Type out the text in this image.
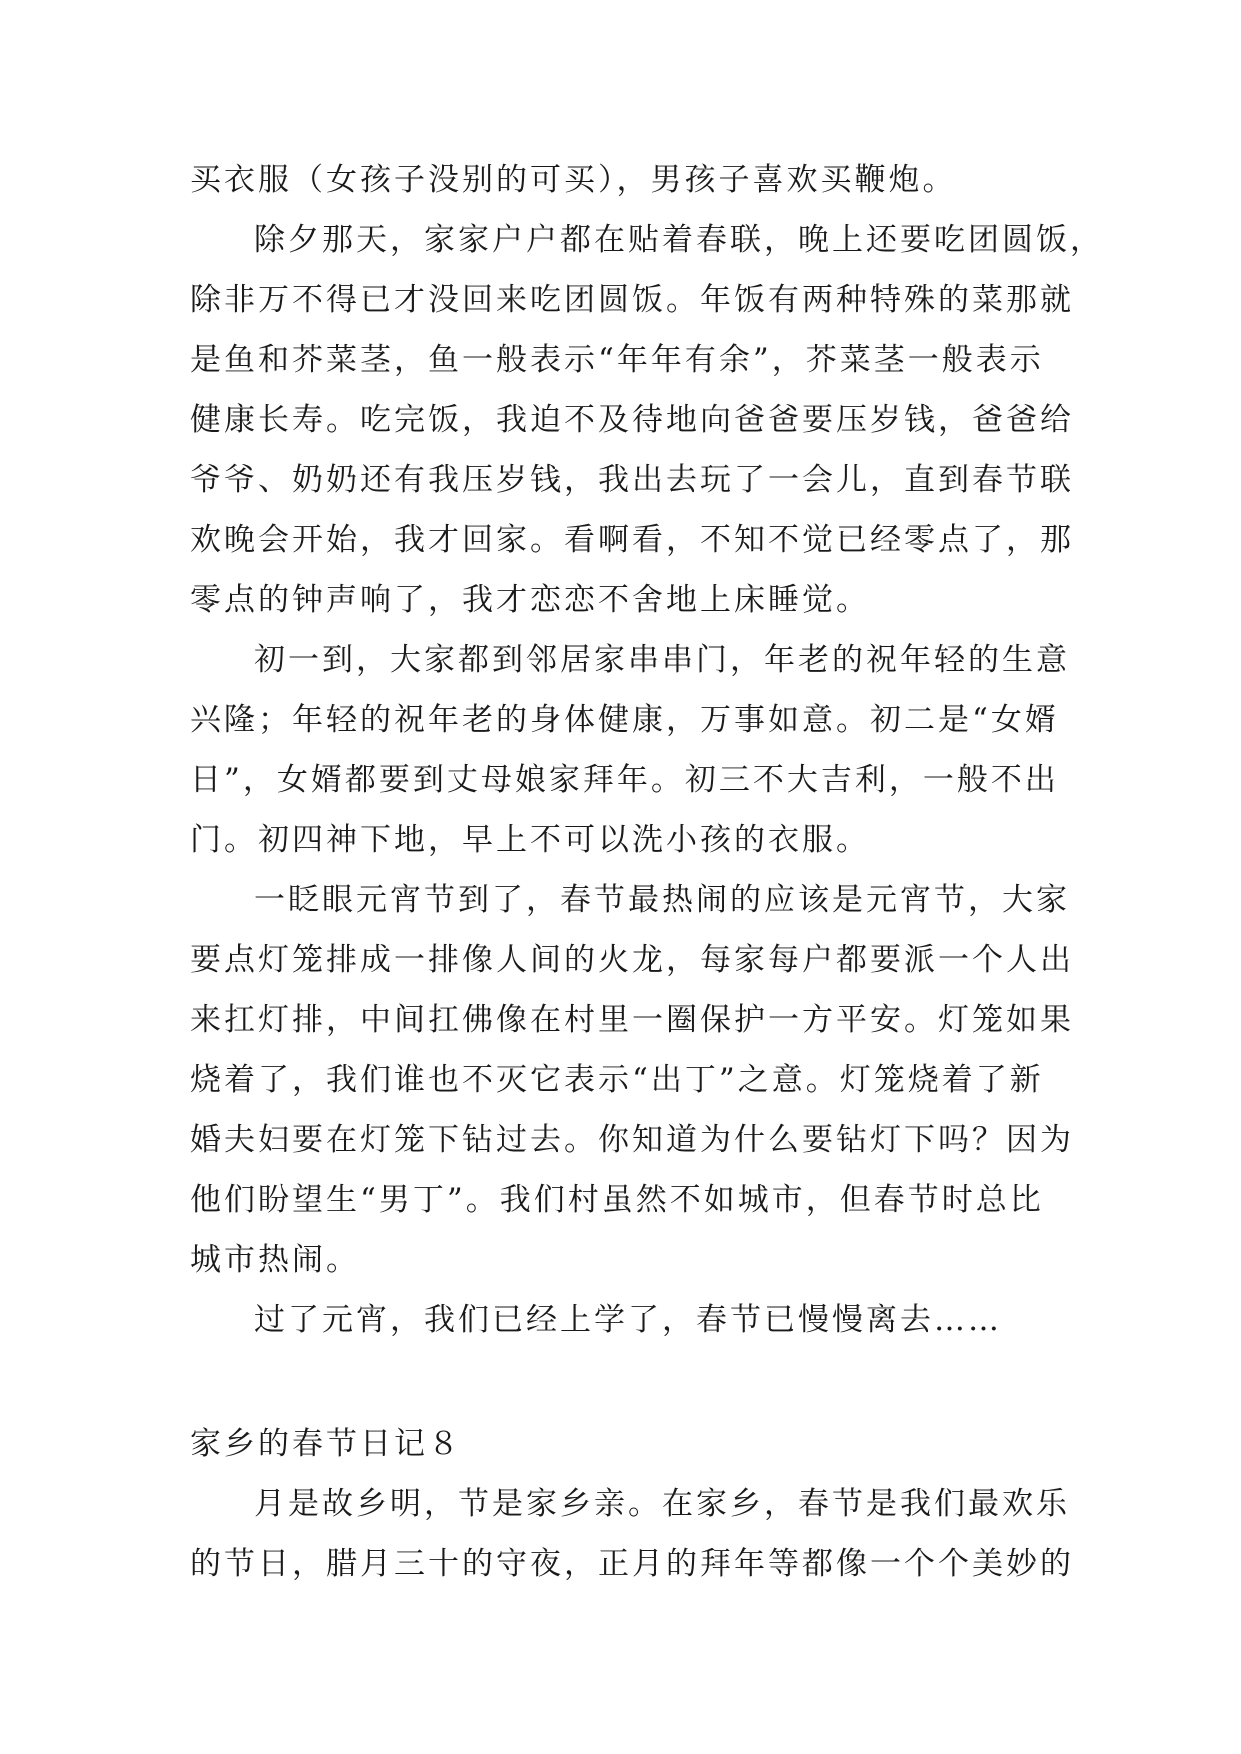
买衣服（女孩子没别的可买），男孩子喜欢买鞭炮。
除夕那天，家家户户都在贴着春联，晚上还要吃团圆饭，
除非万不得已才没回来吃团圆饭。年饭有两种特殊的菜那就
是鱼和芥菜茎，鱼一般表示“年年有余”，芥菜茎一般表示
健康长寿。吃完饭，我迫不及待地向爸爸要压岁钱，爸爸给
爷爷、奶奶还有我压岁钱，我出去玩了一会儿，直到春节联
欢晚会开始，我才回家。看啊看，不知不觉已经零点了，那
零点的钟声响了，我才恋恋不舍地上床睡觉。
初一到，大家都到邻居家串串门，年老的祝年轻的生意
兴隆；年轻的祝年老的身体健康，万事如意。初二是“女婿
日”，女婿都要到丈母娘家拜年。初三不大吉利，一般不出
门。初四神下地，早上不可以洗小孩的衣服。
一眨眼元宵节到了，春节最热闹的应该是元宵节，大家
要点灯笼排成一排像人间的火龙，每家每户都要派一个人出
来扛灯排，中间扛佛像在村里一圈保护一方平安。灯笼如果
烧着了，我们谁也不灭它表示“出丁”之意。灯笼烧着了新
婚夫妇要在灯笼下钻过去。你知道为什么要钻灯下吗？因为
他们盼望生“男丁”。我们村虽然不如城市，但春节时总比
城市热闹。
过了元宵，我们已经上学了，春节已慢慢离去……
家乡的春节日记８
月是故乡明，节是家乡亲。在家乡，春节是我们最欢乐
的节日，腊月三十的守夜，正月的拜年等都像一个个美妙的
